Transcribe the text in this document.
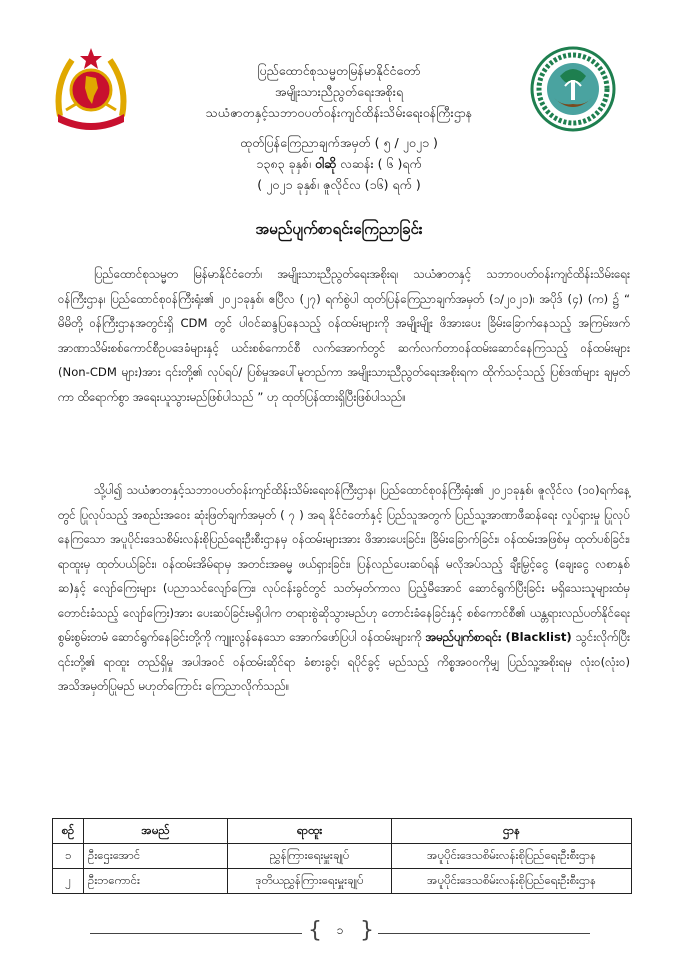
ပြည်ထောင်စုသမ္မတမြန်မာနိုင်ငံတော်
အမျိုးသားညီညွတ်ရေးအစိုးရ
သယံဇာတနှင့်သဘာဝပတ်ဝန်းကျင်ထိန်းသိမ်းရေးဝန်ကြီးဌာန
ထုတ်ပြန်ကြေညာချက်အမှတ် ( ၅ / ၂၀၂၁ )
၁၃၈၃ ခုနှစ်၊ ဝါဆို လဆန်း ( ၆ )ရက်
( ၂၀၂၁ ခုနှစ်၊ ဇူလိုင်လ (၁၆) ရက် )
အမည်ပျက်စာရင်းကြေညာခြင်း

ပြည်ထောင်စုသမ္မတ မြန်မာနိုင်ငံတော်၊ အမျိုးသားညီညွတ်ရေးအစိုးရ၊ သယံဇာတနှင့် သဘာဝပတ်ဝန်းကျင်ထိန်းသိမ်းရေးဝန်ကြီးဌာန၊ ပြည်ထောင်စုဝန်ကြီးရုံး၏ ၂၀၂၁ခုနှစ်၊ ဧပြီလ (၂၇) ရက်စွဲပါ ထုတ်ပြန်ကြေညာချက်အမှတ် (၁/၂၀၂၁)၊ အပိုဒ် (၄) (က) ၌ “ မိမိတို့ ဝန်ကြီးဌာနအတွင်းရှိ CDM တွင် ပါဝင်ဆန္ဒပြနေသည့် ဝန်ထမ်းများကို အမျိုးမျိုး ဖိအားပေး ခြိမ်းခြောက်နေသည့် အကြမ်းဖက် အာဏာသိမ်းစစ်ကောင်စီဥပဒေခံများနှင့် ယင်းစစ်ကောင်စီ လက်အောက်တွင် ဆက်လက်တာဝန်ထမ်းဆောင်နေကြသည့် ဝန်ထမ်းများ (Non-CDM များ)အား ၎င်းတို့၏ လုပ်ရပ်/ ပြစ်မှုအပေါ်မူတည်ကာ အမျိုးသားညီညွတ်ရေးအစိုးရက ထိုက်သင့်သည့် ပြစ်ဒဏ်များ ချမှတ်ကာ ထိရောက်စွာ အရေးယူသွားမည်ဖြစ်ပါသည် ” ဟု ထုတ်ပြန်ထားရှိပြီးဖြစ်ပါသည်။

သို့ပါ၍ သယံဇာတနှင့်သဘာဝပတ်ဝန်းကျင်ထိန်းသိမ်းရေးဝန်ကြီးဌာန၊ ပြည်ထောင်စုဝန်ကြီးရုံး၏ ၂၀၂၁ခုနှစ်၊ ဇူလိုင်လ (၁၀)ရက်နေ့တွင် ပြုလုပ်သည့် အစည်းအဝေး ဆုံးဖြတ်ချက်အမှတ် ( ၇ ) အရ နိုင်ငံတော်နှင့် ပြည်သူအတွက် ပြည်သူ့အာဏာဖီဆန်ရေး လှုပ်ရှားမှု ပြုလုပ်နေကြသော အပူပိုင်းဒေသစိမ်းလန်းစိုပြည်ရေးဦးစီးဌာနမှ ဝန်ထမ်းများအား ဖိအားပေးခြင်း၊ ခြိမ်းခြောက်ခြင်း၊ ဝန်ထမ်းအဖြစ်မှ ထုတ်ပစ်ခြင်း၊ ရာထူးမှ ထုတ်ပယ်ခြင်း၊ ဝန်ထမ်းအိမ်ရာမှ အတင်းအဓမ္မ ဖယ်ရှားခြင်း၊ ပြန်လည်ပေးဆပ်ရန် မလိုအပ်သည့် ချီးမြှင့်ငွေ (ချေးငွေ လစာနှစ်ဆ)နှင့် လျော်ကြေးများ (ပညာသင်လျော်ကြေး၊ လုပ်ငန်းခွင်တွင် သတ်မှတ်ကာလ ပြည့်မီအောင် ဆောင်ရွက်ပြီးခြင်း မရှိသေးသူများထံမှ တောင်းခံသည့် လျော်ကြေး)အား ပေးဆပ်ခြင်းမရှိပါက တရားစွဲဆိုသွားမည်ဟု တောင်းခံနေခြင်းနှင့် စစ်ကောင်စီ၏ ယန္တရားလည်ပတ်နိုင်ရေး စွမ်းစွမ်းတမံ ဆောင်ရွက်နေခြင်းတို့ကို ကျူးလွန်နေသော အောက်ဖော်ပြပါ ဝန်ထမ်းများကို အမည်ပျက်စာရင်း (Blacklist) သွင်းလိုက်ပြီး ၎င်းတို့၏ ရာထူး တည်ရှိမှု အပါအဝင် ဝန်ထမ်းဆိုင်ရာ ခံစားခွင့်၊ ရပိုင်ခွင့် မည်သည့် ကိစ္စအဝဝကိုမျှ ပြည်သူ့အစိုးရမှ လုံးဝ(လုံးဝ) အသိအမှတ်ပြုမည် မဟုတ်ကြောင်း ကြေညာလိုက်သည်။

စဉ်	အမည်	ရာထူး	ဌာန
၁	ဦးဌေးအောင်	ညွှန်ကြားရေးမှူးချုပ်	အပူပိုင်းဒေသစိမ်းလန်းစိုပြည်ရေးဦးစီးဌာန
၂	ဦးဘကောင်း	ဒုတိယညွှန်ကြားရေးမှူးချုပ်	အပူပိုင်းဒေသစိမ်းလန်းစိုပြည်ရေးဦးစီးဌာန
{	၁ }
